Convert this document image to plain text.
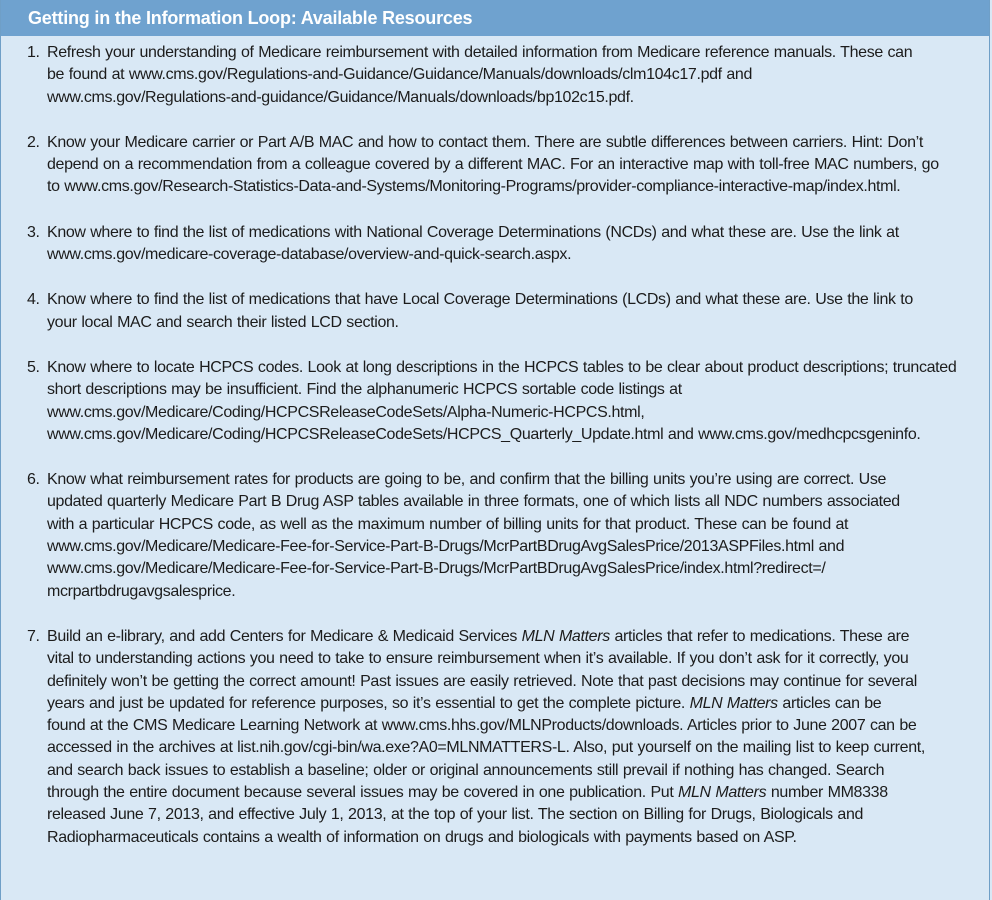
Getting in the Information Loop: Available Resources
1. Refresh your understanding of Medicare reimbursement with detailed information from Medicare reference manuals. These can
be found at www.cms.gov/Regulations-and-Guidance/Guidance/Manuals/downloads/clm104c17.pdf and
www.cms.gov/Regulations-and-guidance/Guidance/Manuals/downloads/bp102c15.pdf.
2. Know your Medicare carrier or Part A/B MAC and how to contact them. There are subtle differences between carriers. Hint: Don’t
depend on a recommendation from a colleague covered by a different MAC. For an interactive map with toll-free MAC numbers, go
to www.cms.gov/Research-Statistics-Data-and-Systems/Monitoring-Programs/provider-compliance-interactive-map/index.html.
3. Know where to find the list of medications with National Coverage Determinations (NCDs) and what these are. Use the link at
www.cms.gov/medicare-coverage-database/overview-and-quick-search.aspx.
4. Know where to find the list of medications that have Local Coverage Determinations (LCDs) and what these are. Use the link to
your local MAC and search their listed LCD section.
5. Know where to locate HCPCS codes. Look at long descriptions in the HCPCS tables to be clear about product descriptions; truncated
short descriptions may be insufficient. Find the alphanumeric HCPCS sortable code listings at
www.cms.gov/Medicare/Coding/HCPCSReleaseCodeSets/Alpha-Numeric-HCPCS.html,
www.cms.gov/Medicare/Coding/HCPCSReleaseCodeSets/HCPCS_Quarterly_Update.html and www.cms.gov/medhcpcsgeninfo.
6. Know what reimbursement rates for products are going to be, and confirm that the billing units you’re using are correct. Use
updated quarterly Medicare Part B Drug ASP tables available in three formats, one of which lists all NDC numbers associated
with a particular HCPCS code, as well as the maximum number of billing units for that product. These can be found at
www.cms.gov/Medicare/Medicare-Fee-for-Service-Part-B-Drugs/McrPartBDrugAvgSalesPrice/2013ASPFiles.html and
www.cms.gov/Medicare/Medicare-Fee-for-Service-Part-B-Drugs/McrPartBDrugAvgSalesPrice/index.html?redirect=/
mcrpartbdrugavgsalesprice.
7. Build an e-library, and add Centers for Medicare & Medicaid Services MLN Matters articles that refer to medications. These are
vital to understanding actions you need to take to ensure reimbursement when it’s available. If you don’t ask for it correctly, you
definitely won’t be getting the correct amount! Past issues are easily retrieved. Note that past decisions may continue for several
years and just be updated for reference purposes, so it’s essential to get the complete picture. MLN Matters articles can be
found at the CMS Medicare Learning Network at www.cms.hhs.gov/MLNProducts/downloads. Articles prior to June 2007 can be
accessed in the archives at list.nih.gov/cgi-bin/wa.exe?A0=MLNMATTERS-L. Also, put yourself on the mailing list to keep current,
and search back issues to establish a baseline; older or original announcements still prevail if nothing has changed. Search
through the entire document because several issues may be covered in one publication. Put MLN Matters number MM8338
released June 7, 2013, and effective July 1, 2013, at the top of your list. The section on Billing for Drugs, Biologicals and
Radiopharmaceuticals contains a wealth of information on drugs and biologicals with payments based on ASP.
